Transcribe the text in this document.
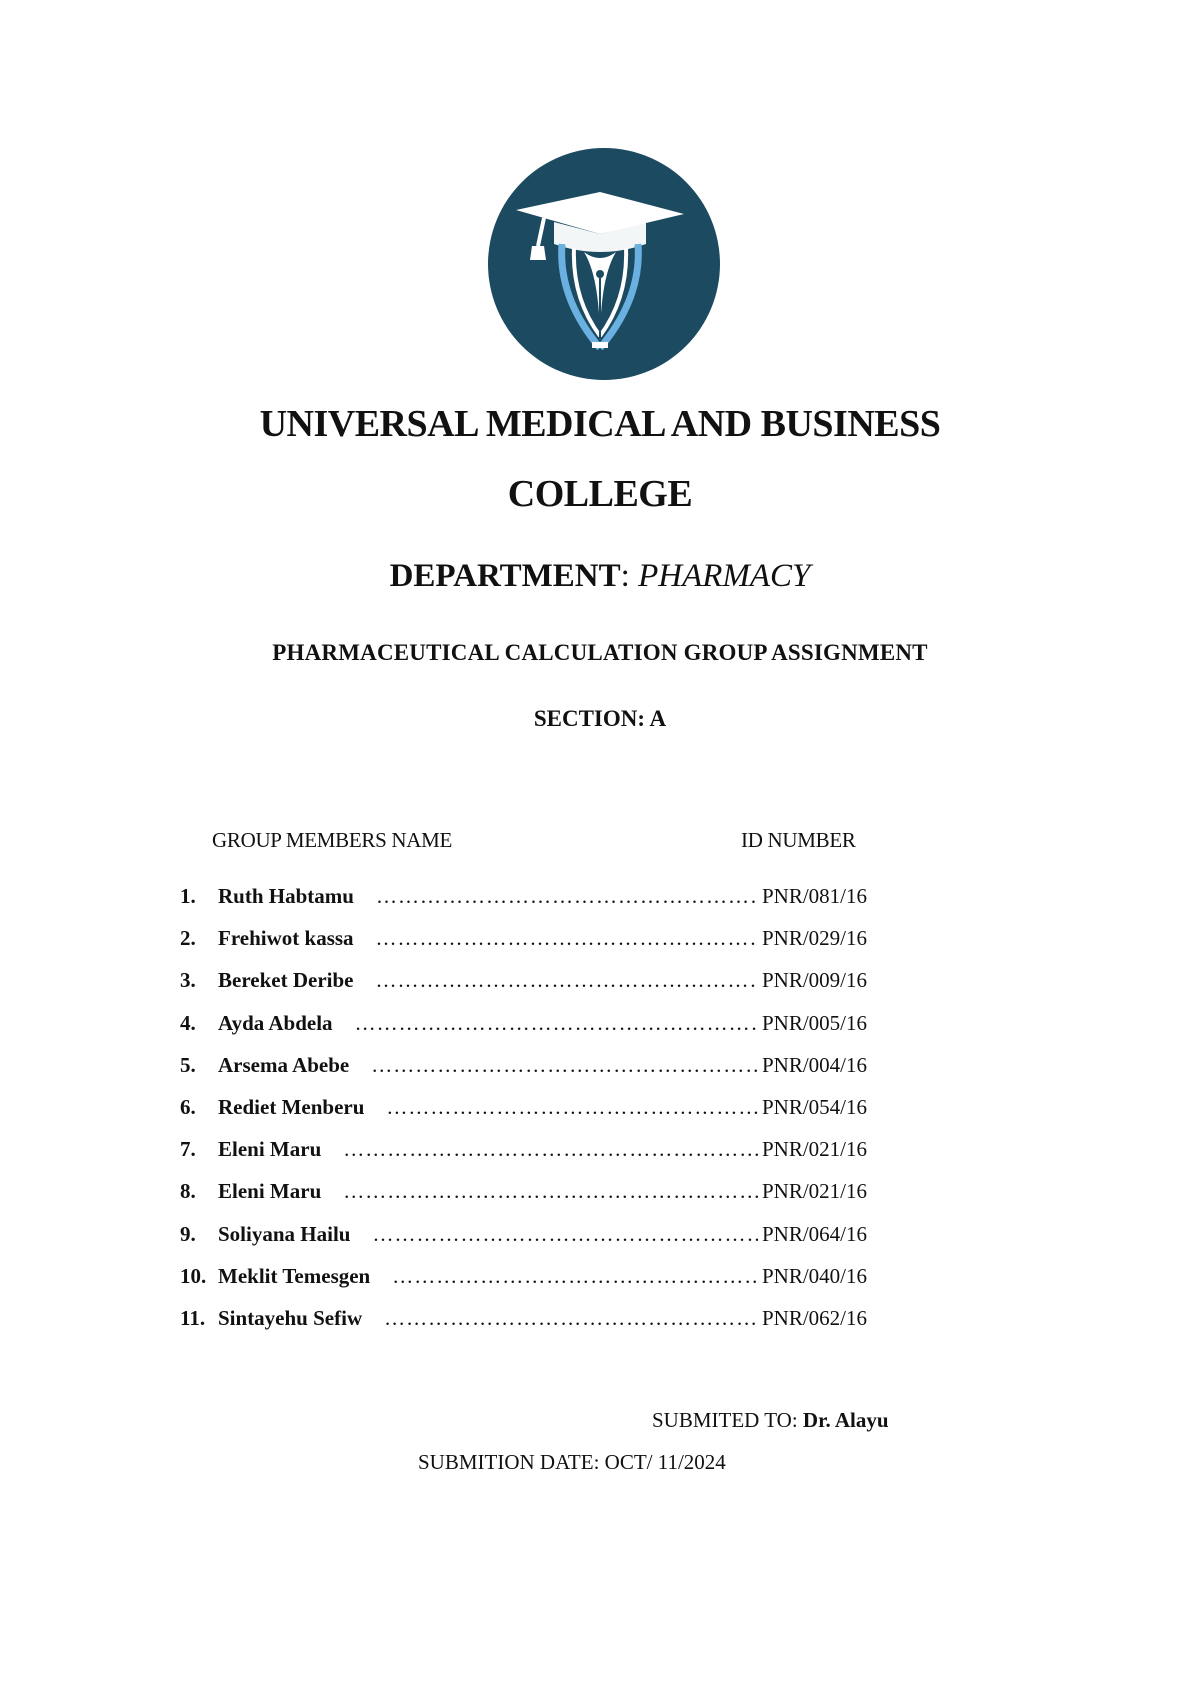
UNIVERSAL MEDICAL AND BUSINESS
COLLEGE
DEPARTMENT: PHARMACY
PHARMACEUTICAL CALCULATION GROUP ASSIGNMENT
SECTION: A
GROUP MEMBERS NAME	ID NUMBER
1.	Ruth Habtamu ……………………………………………………………………………………	PNR/081/16
2.	Frehiwot kassa ……………………………………………………………………………………	PNR/029/16
3.	Bereket Deribe ……………………………………………………………………………………	PNR/009/16
4.	Ayda Abdela ……………………………………………………………………………………	PNR/005/16
5.	Arsema Abebe ……………………………………………………………………………………	PNR/004/16
6.	Rediet Menberu ……………………………………………………………………………………	PNR/054/16
7.	Eleni Maru ……………………………………………………………………………………	PNR/021/16
8.	Eleni Maru ……………………………………………………………………………………	PNR/021/16
9.	Soliyana Hailu ……………………………………………………………………………………	PNR/064/16
10. Meklit Temesgen ……………………………………………………………………………………	PNR/040/16
11. Sintayehu Sefiw ……………………………………………………………………………………	PNR/062/16
SUBMITED TO: Dr. Alayu
SUBMITION DATE: OCT/ 11/2024
